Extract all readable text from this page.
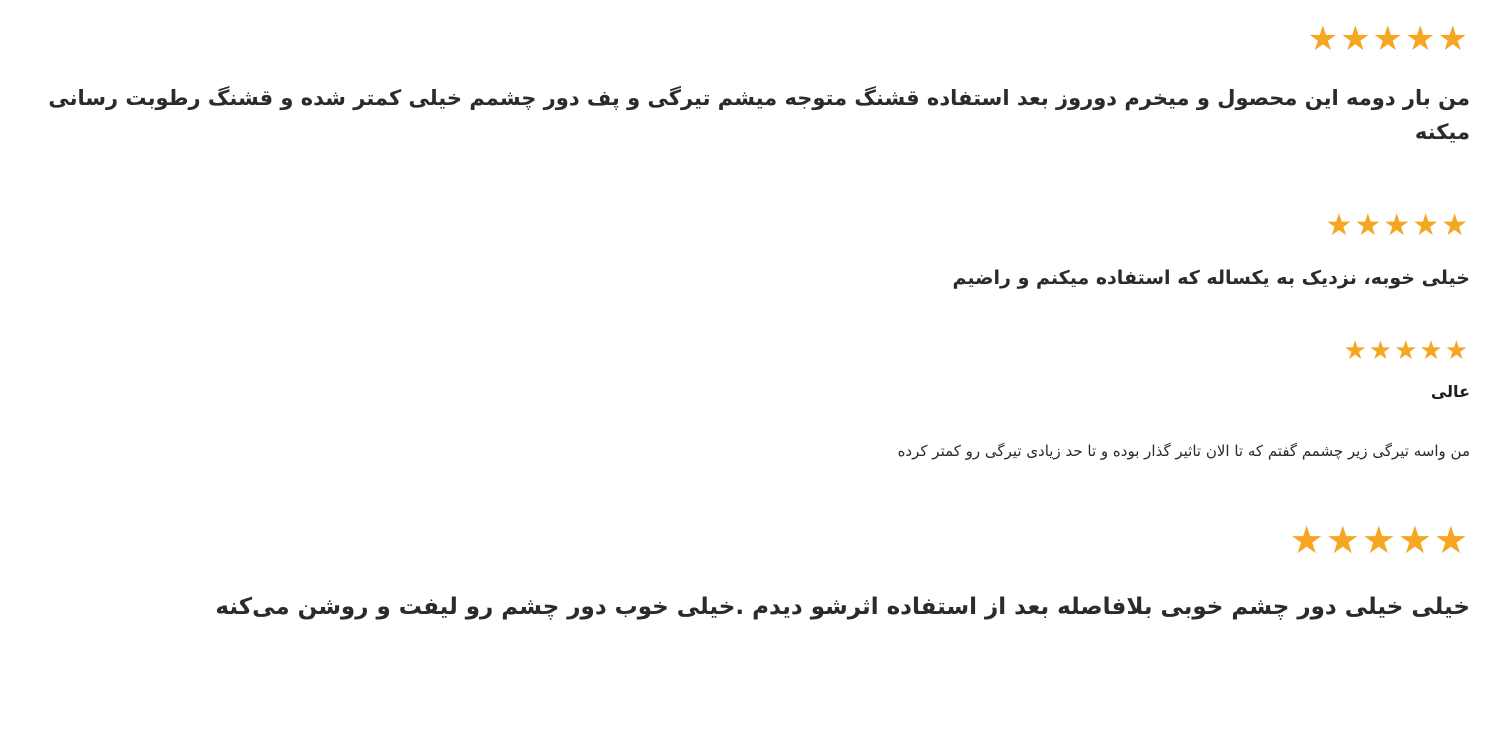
★★★★★
من بار دومه این محصول و میخرم دوروز بعد استفاده قشنگ متوجه میشم تیرگی و پف دور چشمم خیلی کمتر شده و قشنگ رطوبت رسانی میکنه
★★★★★
خیلی خوبه، نزدیک به یکساله که استفاده میکنم و راضیم
★★★★★
عالی
من واسه تیرگی زیر چشمم گفتم که تا الان تاثیر گذار بوده و تا حد زیادی تیرگی رو کمتر کرده
★★★★★
خیلی خیلی دور چشم خوبی بلافاصله بعد از استفاده اثرشو دیدم .خیلی خوب دور چشم رو لیفت و روشن می‌کنه
